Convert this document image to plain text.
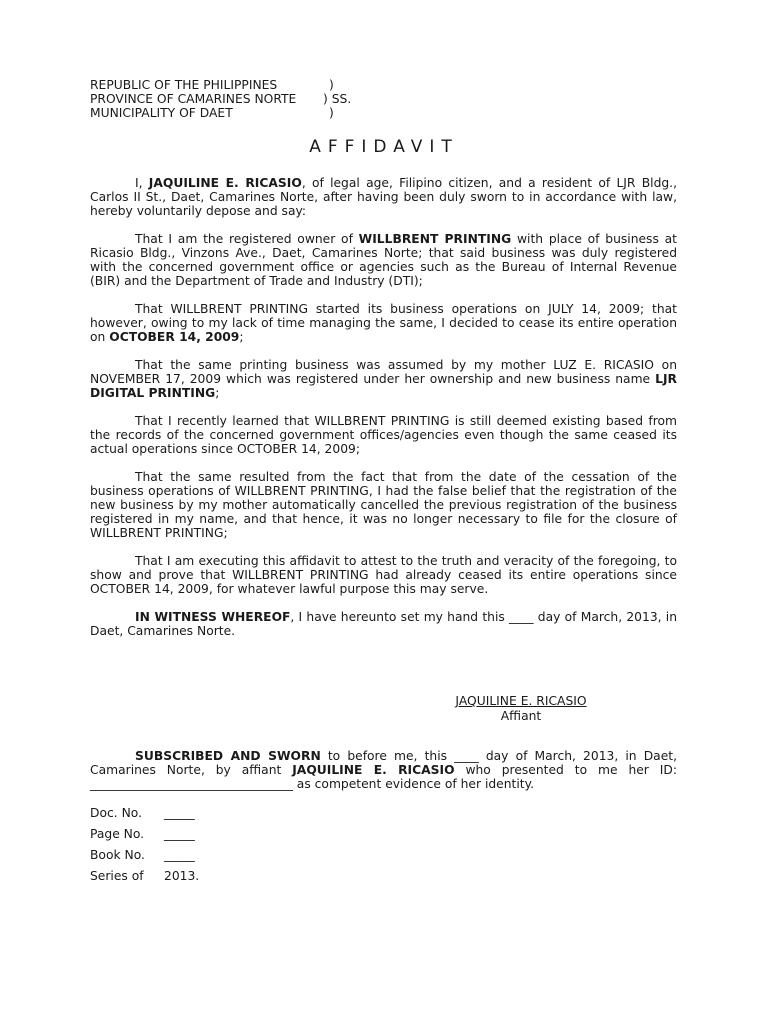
REPUBLIC OF THE PHILIPPINES	)
PROVINCE OF CAMARINES NORTE ) SS.
MUNICIPALITY OF DAET	)
AFFIDAVIT

I, JAQUILINE E. RICASIO, of legal age, Filipino citizen, and a resident of LJR Bldg., Carlos II St., Daet, Camarines Norte, after having been duly sworn to in accordance with law, hereby voluntarily depose and say:

That I am the registered owner of WILLBRENT PRINTING with place of business at Ricasio Bldg., Vinzons Ave., Daet, Camarines Norte; that said business was duly registered with the concerned government office or agencies such as the Bureau of Internal Revenue (BIR) and the Department of Trade and Industry (DTI);

That WILLBRENT PRINTING started its business operations on JULY 14, 2009; that however, owing to my lack of time managing the same, I decided to cease its entire operation on OCTOBER 14, 2009;

That the same printing business was assumed by my mother LUZ E. RICASIO on NOVEMBER 17, 2009 which was registered under her ownership and new business name LJR DIGITAL PRINTING;

That I recently learned that WILLBRENT PRINTING is still deemed existing based from the records of the concerned government offices/agencies even though the same ceased its actual operations since OCTOBER 14, 2009;

That the same resulted from the fact that from the date of the cessation of the business operations of WILLBRENT PRINTING, I had the false belief that the registration of the new business by my mother automatically cancelled the previous registration of the business registered in my name, and that hence, it was no longer necessary to file for the closure of WILLBRENT PRINTING;

That I am executing this affidavit to attest to the truth and veracity of the foregoing, to show and prove that WILLBRENT PRINTING had already ceased its entire operations since OCTOBER 14, 2009, for whatever lawful purpose this may serve.

IN WITNESS WHEREOF, I have hereunto set my hand this ____ day of March, 2013, in Daet, Camarines Norte.

JAQUILINE E. RICASIO
Affiant

SUBSCRIBED AND SWORN to before me, this ____ day of March, 2013, in Daet, Camarines Norte, by affiant JAQUILINE E. RICASIO who presented to me her ID: _________________________________ as competent evidence of her identity.

Doc. No. _____
Page No. _____
Book No. _____
Series of 2013.
